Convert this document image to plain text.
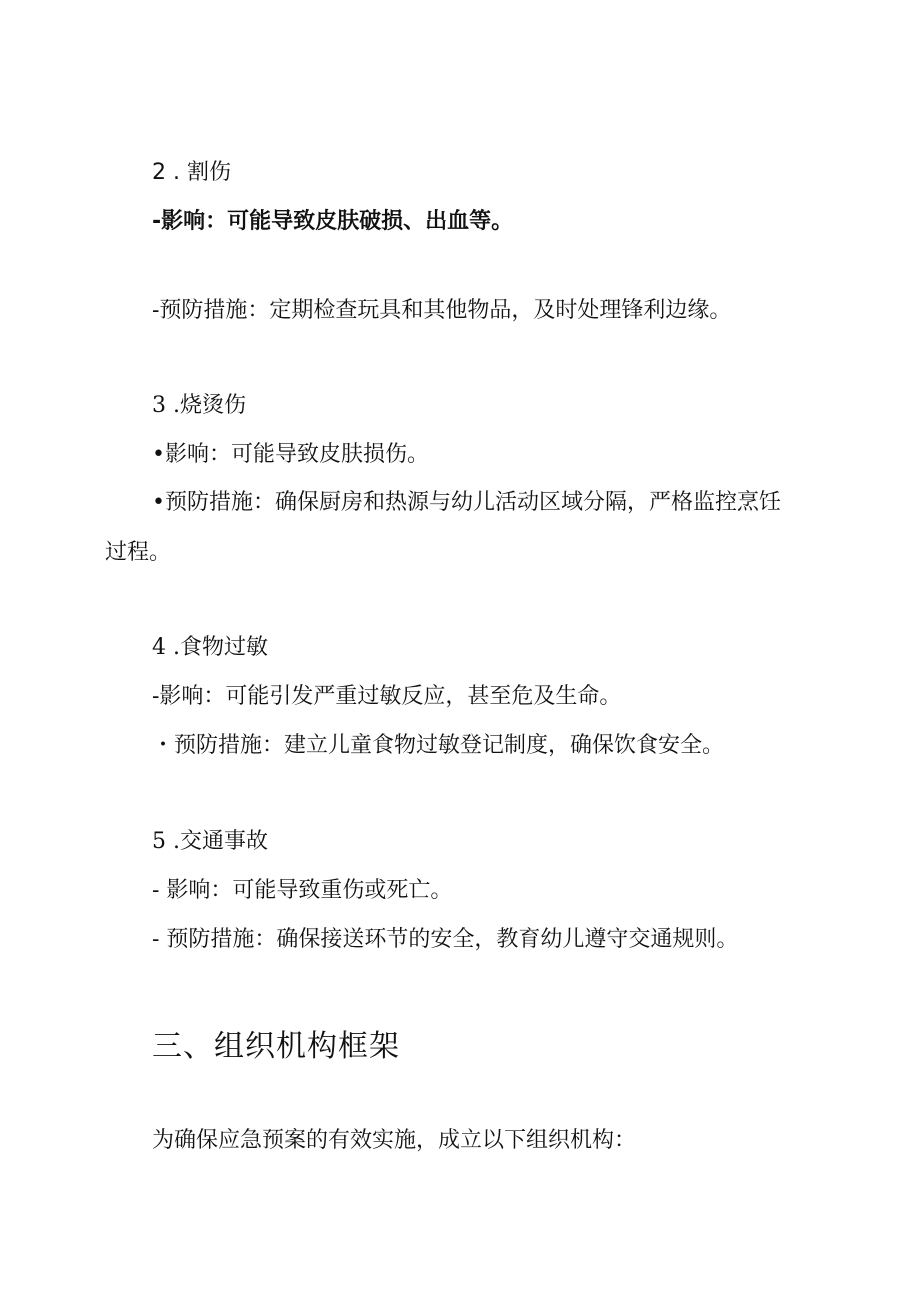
2 . 割伤

-影响：可能导致皮肤破损、出血等。

-预防措施：定期检查玩具和其他物品，及时处理锋利边缘。

3 .烧烫伤

•影响：可能导致皮肤损伤。

•预防措施：确保厨房和热源与幼儿活动区域分隔，严格监控烹饪

过程。

4 .食物过敏

-影响：可能引发严重过敏反应，甚至危及生命。

・预防措施：建立儿童食物过敏登记制度，确保饮食安全。

5 .交通事故

- 影响：可能导致重伤或死亡。

- 预防措施：确保接送环节的安全，教育幼儿遵守交通规则。

三、组织机构框架

为确保应急预案的有效实施，成立以下组织机构：
